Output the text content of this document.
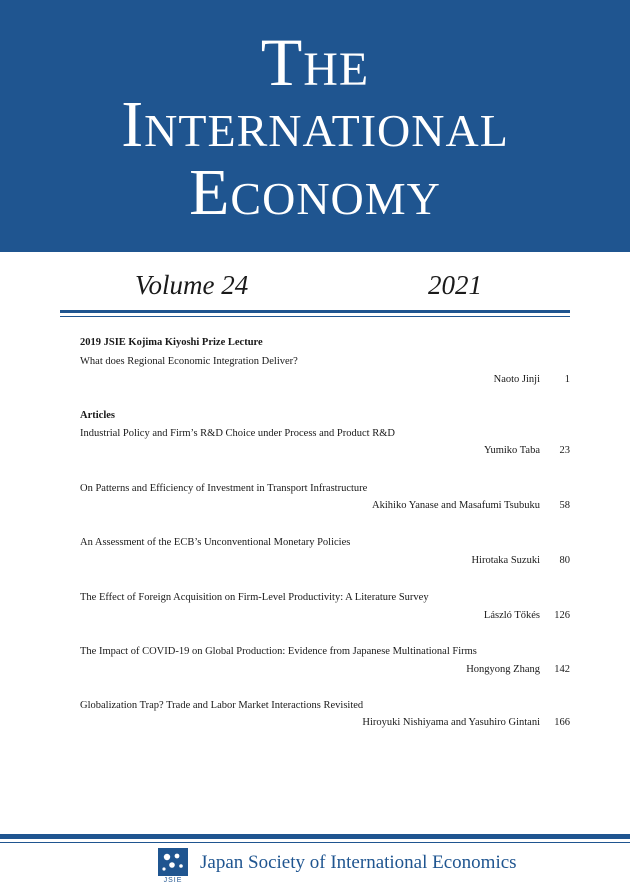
The
International
Economy
Volume 24	2021
2019 JSIE Kojima Kiyoshi Prize Lecture
What does Regional Economic Integration Deliver?
Naoto Jinji 1
Articles
Industrial Policy and Firm’s R&D Choice under Process and Product R&D
Yumiko Taba 23
On Patterns and Efficiency of Investment in Transport Infrastructure
Akihiko Yanase and Masafumi Tsubuku 58
An Assessment of the ECB’s Unconventional Monetary Policies
Hirotaka Suzuki 80
The Effect of Foreign Acquisition on Firm-Level Productivity: A Literature Survey
László Tőkés 126
The Impact of COVID-19 on Global Production: Evidence from Japanese Multinational Firms
Hongyong Zhang 142
Globalization Trap? Trade and Labor Market Interactions Revisited
Hiroyuki Nishiyama and Yasuhiro Gintani 166
JSIE
Japan Society of International Economics
